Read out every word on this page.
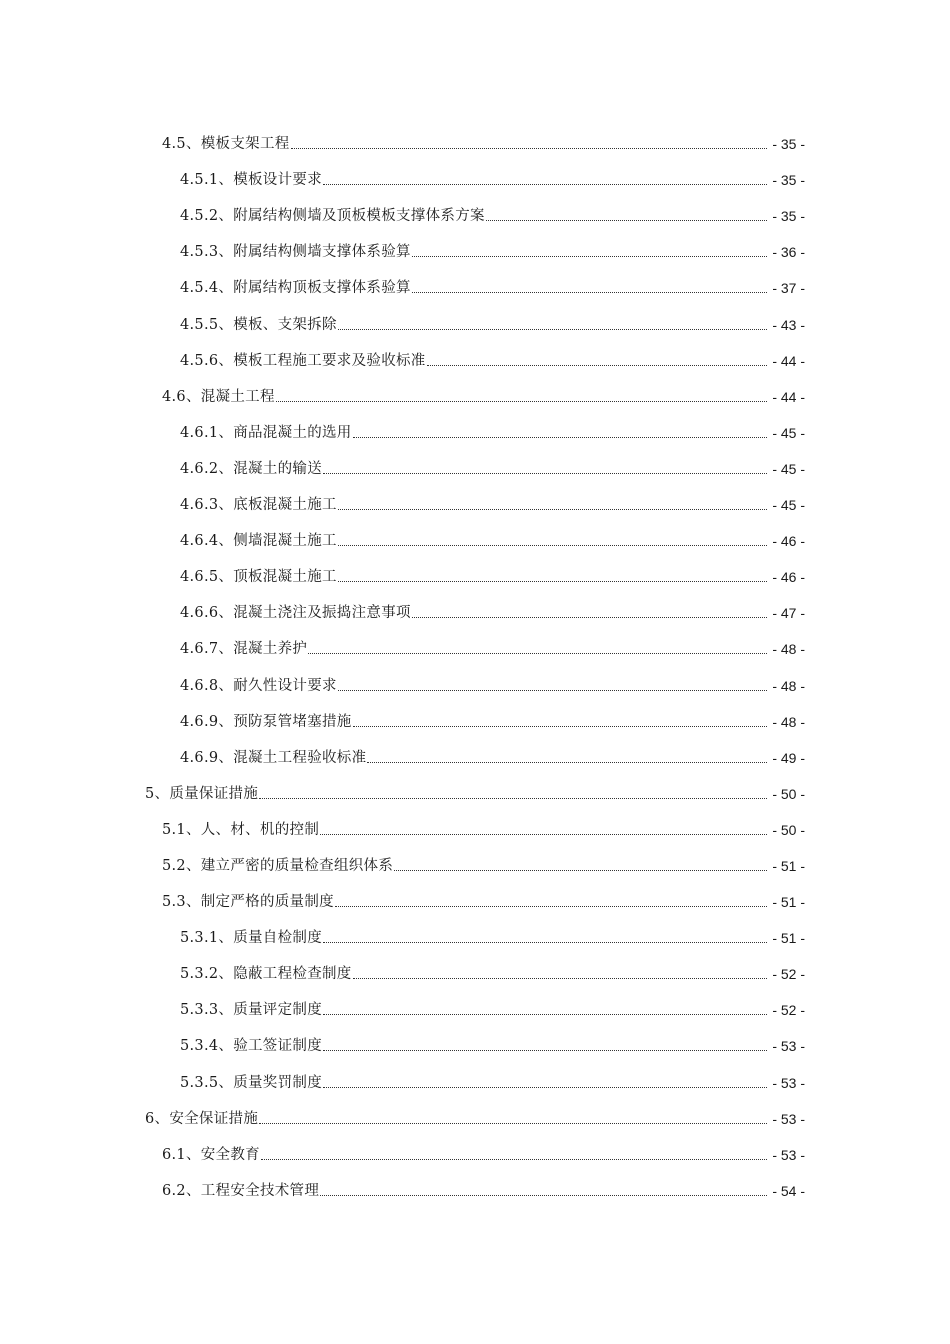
4.5、模板支架工程	- 35 -
4.5.1、模板设计要求	- 35 -
4.5.2、附属结构侧墙及顶板模板支撑体系方案	- 35 -
4.5.3、附属结构侧墙支撑体系验算	- 36 -
4.5.4、附属结构顶板支撑体系验算	- 37 -
4.5.5、模板、支架拆除	- 43 -
4.5.6、模板工程施工要求及验收标准	- 44 -
4.6、混凝土工程	- 44 -
4.6.1、商品混凝土的选用	- 45 -
4.6.2、混凝土的输送	- 45 -
4.6.3、底板混凝土施工	- 45 -
4.6.4、侧墙混凝土施工	- 46 -
4.6.5、顶板混凝土施工	- 46 -
4.6.6、混凝土浇注及振捣注意事项	- 47 -
4.6.7、混凝土养护	- 48 -
4.6.8、耐久性设计要求	- 48 -
4.6.9、预防泵管堵塞措施	- 48 -
4.6.9、混凝土工程验收标准	- 49 -
5、质量保证措施	- 50 -
5.1、人、材、机的控制	- 50 -
5.2、建立严密的质量检查组织体系	- 51 -
5.3、制定严格的质量制度	- 51 -
5.3.1、质量自检制度	- 51 -
5.3.2、隐蔽工程检查制度	- 52 -
5.3.3、质量评定制度	- 52 -
5.3.4、验工签证制度	- 53 -
5.3.5、质量奖罚制度	- 53 -
6、安全保证措施	- 53 -
6.1、安全教育	- 53 -
6.2、工程安全技术管理	- 54 -
